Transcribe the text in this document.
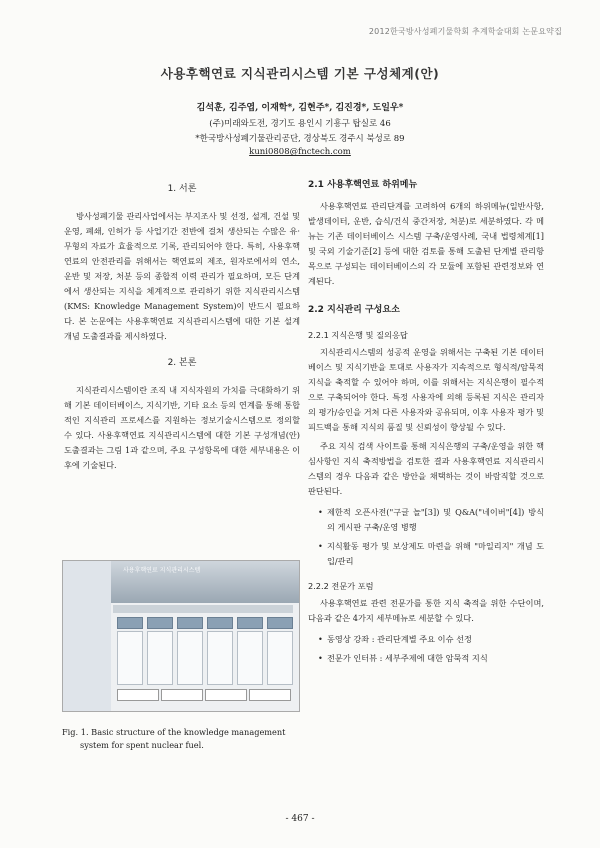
2012한국방사성폐기물학회 추계학술대회 논문요약집
사용후핵연료 지식관리시스템 기본 구성체계(안)
김석훈, 김주엽, 이재학*, 김현주*, 김진경*, 도일우*
(주)미래와도전, 경기도 용인시 기흥구 탑실로 46
*한국방사성폐기물관리공단, 경상북도 경주시 북성로 89
kuni0808@fnctech.com
1. 서론

방사성폐기물 관리사업에서는 부지조사 및 선정, 설계, 건설 및 운영, 폐쇄, 인허가 등 사업기간 전반에 걸쳐 생산되는 수많은 유·무형의 자료가 효율적으로 기록, 관리되어야 한다. 특히, 사용후핵연료의 안전관리를 위해서는 핵연료의 제조, 원자로에서의 연소, 운반 및 저장, 처분 등의 종합적 이력 관리가 필요하며, 모든 단계에서 생산되는 지식을 체계적으로 관리하기 위한 지식관리시스템(KMS: Knowledge Management System)이 반드시 필요하다. 본 논문에는 사용후핵연료 지식관리시스템에 대한 기본 설계 개념 도출결과를 제시하였다.

2. 본론

지식관리시스템이란 조직 내 지식자원의 가치를 극대화하기 위해 기본 데이터베이스, 지식기반, 기타 요소 등의 연계를 통해 통합적인 지식관리 프로세스를 지원하는 정보기술시스템으로 정의할 수 있다. 사용후핵연료 지식관리시스템에 대한 기본 구성개념(안) 도출결과는 그림 1과 같으며, 주요 구성항목에 대한 세부내용은 이후에 기술된다.

사용후핵연료 지식관리시스템
Fig. 1. Basic structure of the knowledge management
system for spent nuclear fuel.
2.1 사용후핵연료 하위메뉴

사용후핵연료 관리단계를 고려하여 6개의 하위메뉴(일반사항, 발생데이터, 운반, 습식/건식 중간저장, 처분)로 세분하였다. 각 메뉴는 기존 데이터베이스 시스템 구축/운영사례, 국내 법령체계[1] 및 국외 기술기준[2] 등에 대한 검토를 통해 도출된 단계별 관리항목으로 구성되는 데이터베이스의 각 모듈에 포함된 관련정보와 연계된다.

2.2 지식관리 구성요소
2.2.1 지식은행 및 질의응답

지식관리시스템의 성공적 운영을 위해서는 구축된 기본 데이터베이스 및 지식기반을 토대로 사용자가 지속적으로 형식적/암묵적 지식을 축적할 수 있어야 하며, 이를 위해서는 지식은행이 필수적으로 구축되어야 한다. 특정 사용자에 의해 등록된 지식은 관리자의 평가/승인을 거쳐 다른 사용자와 공유되며, 이후 사용자 평가 및 피드백을 통해 지식의 품질 및 신뢰성이 향상될 수 있다.

주요 지식 검색 사이트를 통해 지식은행의 구축/운영을 위한 핵심사항인 지식 축적방법을 검토한 결과 사용후핵연료 지식관리시스템의 경우 다음과 같은 방안을 채택하는 것이 바람직할 것으로 판단된다.

• 제한적 오픈사전("구글 놀"[3]) 및 Q&A("네이버"[4]) 방식의 게시판 구축/운영 병행
• 지식활동 평가 및 보상제도 마련을 위해 "마일리지" 개념 도입/관리
2.2.2 전문가 포럼

사용후핵연료 관련 전문가를 통한 지식 축적을 위한 수단이며, 다음과 같은 4가지 세부메뉴로 세분할 수 있다.

• 동영상 강좌 : 관리단계별 주요 이슈 선정
• 전문가 인터뷰 : 세부주제에 대한 암묵적 지식
- 467 -
